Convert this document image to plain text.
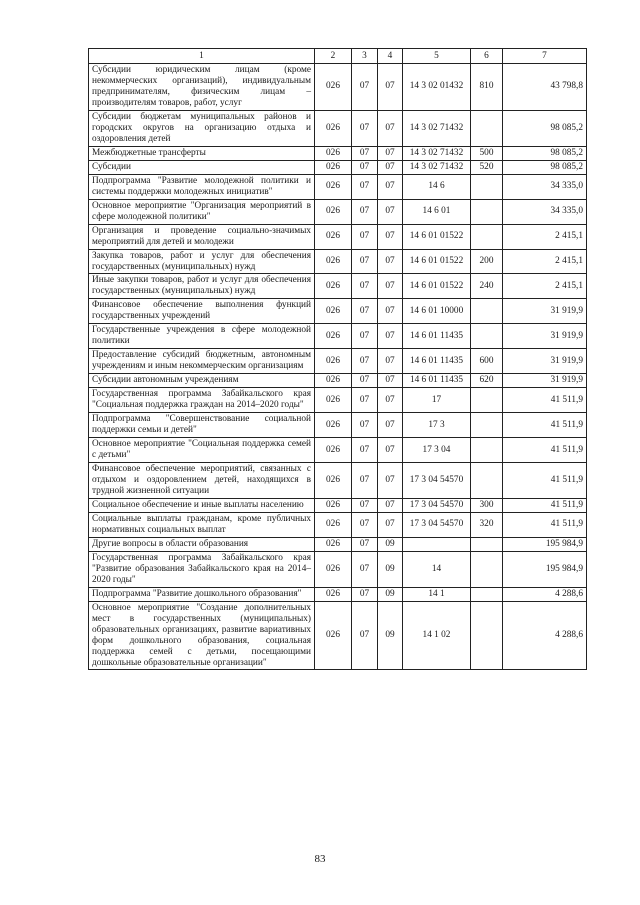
1	2	3	4	5	6	7
Субсидии юридическим лицам (кроме некоммерческих организаций), индивидуальным предпринимателям, физическим лицам – производителям товаров, работ, услуг	026	07	07	14 3 02 01432	810	43 798,8
Субсидии бюджетам муниципальных районов и городских округов на организацию отдыха и оздоровления детей	026	07	07	14 3 02 71432		98 085,2
Межбюджетные трансферты	026	07	07	14 3 02 71432	500	98 085,2
Субсидии	026	07	07	14 3 02 71432	520	98 085,2
Подпрограмма "Развитие молодежной политики и системы поддержки молодежных инициатив"	026	07	07	14 6		34 335,0
Основное мероприятие "Организация мероприятий в сфере молодежной политики"	026	07	07	14 6 01		34 335,0
Организация и проведение социально-значимых мероприятий для детей и молодежи	026	07	07	14 6 01 01522		2 415,1
Закупка товаров, работ и услуг для обеспечения государственных (муниципальных) нужд	026	07	07	14 6 01 01522	200	2 415,1
Иные закупки товаров, работ и услуг для обеспечения государственных (муниципальных) нужд	026	07	07	14 6 01 01522	240	2 415,1
Финансовое обеспечение выполнения функций государственных учреждений	026	07	07	14 6 01 10000		31 919,9
Государственные учреждения в сфере молодежной политики	026	07	07	14 6 01 11435		31 919,9
Предоставление субсидий бюджетным, автономным учреждениям и иным некоммерческим организациям	026	07	07	14 6 01 11435	600	31 919,9
Субсидии автономным учреждениям	026	07	07	14 6 01 11435	620	31 919,9
Государственная программа Забайкальского края "Социальная поддержка граждан на 2014–2020 годы"	026	07	07	17		41 511,9
Подпрограмма "Совершенствование социальной поддержки семьи и детей"	026	07	07	17 3		41 511,9
Основное мероприятие "Социальная поддержка семей с детьми"	026	07	07	17 3 04		41 511,9
Финансовое обеспечение мероприятий, связанных с отдыхом и оздоровлением детей, находящихся в трудной жизненной ситуации	026	07	07	17 3 04 54570		41 511,9
Социальное обеспечение и иные выплаты населению	026	07	07	17 3 04 54570	300	41 511,9
Социальные выплаты гражданам, кроме публичных нормативных социальных выплат	026	07	07	17 3 04 54570	320	41 511,9
Другие вопросы в области образования	026	07	09			195 984,9
Государственная программа Забайкальского края "Развитие образования Забайкальского края на 2014–2020 годы"	026	07	09	14		195 984,9
Подпрограмма "Развитие дошкольного образования"	026	07	09	14 1		4 288,6
Основное мероприятие "Создание дополнительных мест в государственных (муниципальных) образовательных организациях, развитие вариативных форм дошкольного образования, социальная поддержка семей с детьми, посещающими дошкольные образовательные организации"	026	07	09	14 1 02		4 288,6
83
